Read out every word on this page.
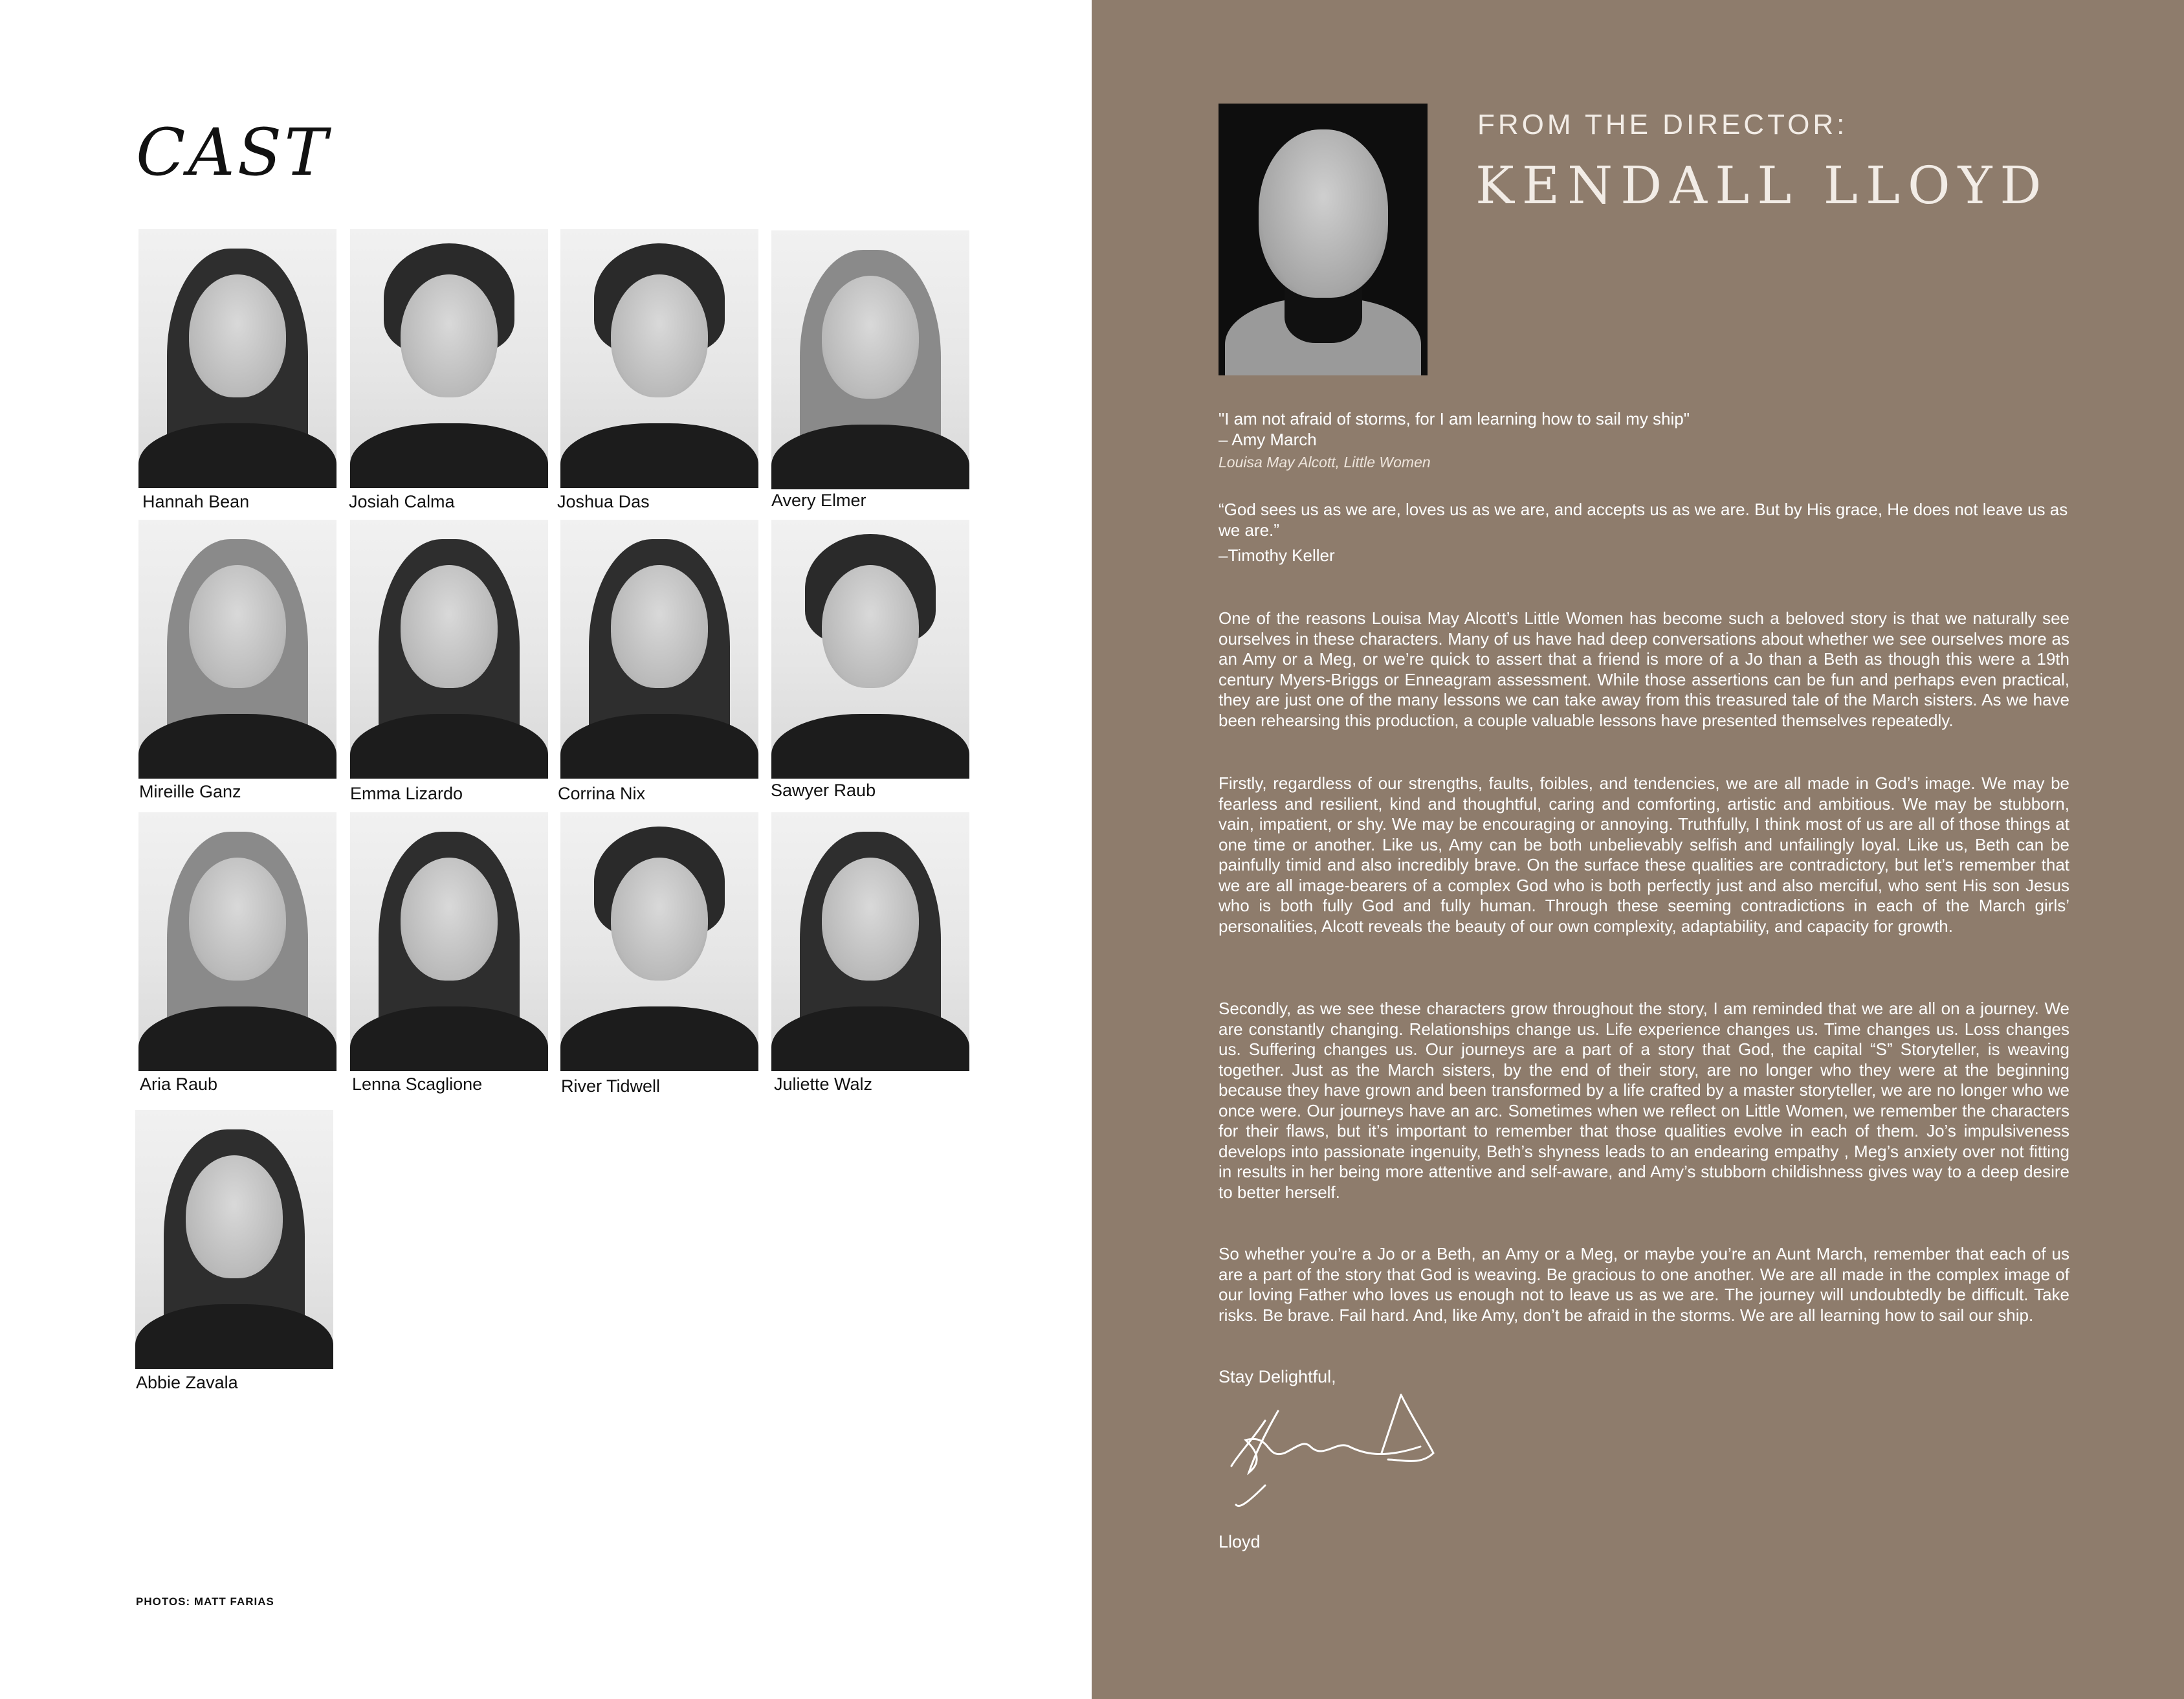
CAST
Hannah Bean	Josiah Calma	Joshua Das	Avery Elmer
Mireille Ganz	Emma Lizardo	Corrina Nix	Sawyer Raub
Aria Raub	Lenna Scaglione	River Tidwell	Juliette Walz
Abbie Zavala
PHOTOS: MATT FARIAS
FROM THE DIRECTOR:
KENDALL LLOYD
"I am not afraid of storms, for I am learning how to sail my ship"
– Amy March
Louisa May Alcott, Little Women
“God sees us as we are, loves us as we are, and accepts us as we are. But by His grace, He does not leave us as we are.”
–Timothy Keller
One of the reasons Louisa May Alcott’s Little Women has become such a beloved story is that we naturally see ourselves in these characters. Many of us have had deep conversations about whether we see ourselves more as an Amy or a Meg, or we’re quick to assert that a friend is more of a Jo than a Beth as though this were a 19th century Myers-Briggs or Enneagram assessment. While those assertions can be fun and perhaps even practical, they are just one of the many lessons we can take away from this treasured tale of the March sisters. As we have been rehearsing this production, a couple valuable lessons have presented themselves repeatedly.
Firstly, regardless of our strengths, faults, foibles, and tendencies, we are all made in God’s image. We may be fearless and resilient, kind and thoughtful, caring and comforting, artistic and ambitious. We may be stubborn, vain, impatient, or shy. We may be encouraging or annoying. Truthfully, I think most of us are all of those things at one time or another. Like us, Amy can be both unbelievably selfish and unfailingly loyal. Like us, Beth can be painfully timid and also incredibly brave. On the surface these qualities are contradictory, but let’s remember that we are all image-bearers of a complex God who is both perfectly just and also merciful, who sent His son Jesus who is both fully God and fully human. Through these seeming contradictions in each of the March girls’ personalities, Alcott reveals the beauty of our own complexity, adaptability, and capacity for growth.
Secondly, as we see these characters grow throughout the story, I am reminded that we are all on a journey. We are constantly changing. Relationships change us. Life experience changes us. Time changes us. Loss changes us. Suffering changes us. Our journeys are a part of a story that God, the capital “S” Storyteller, is weaving together. Just as the March sisters, by the end of their story, are no longer who they were at the beginning because they have grown and been transformed by a life crafted by a master storyteller, we are no longer who we once were. Our journeys have an arc. Sometimes when we reflect on Little Women, we remember the characters for their flaws, but it’s important to remember that those qualities evolve in each of them. Jo’s impulsiveness develops into passionate ingenuity, Beth’s shyness leads to an endearing empathy , Meg’s anxiety over not fitting in results in her being more attentive and self-aware, and Amy’s stubborn childishness gives way to a deep desire to better herself.
So whether you’re a Jo or a Beth, an Amy or a Meg, or maybe you’re an Aunt March, remember that each of us are a part of the story that God is weaving. Be gracious to one another. We are all made in the complex image of our loving Father who loves us enough not to leave us as we are. The journey will undoubtedly be difficult. Take risks. Be brave. Fail hard. And, like Amy, don’t be afraid in the storms. We are all learning how to sail our ship.
Stay Delightful,
Lloyd
